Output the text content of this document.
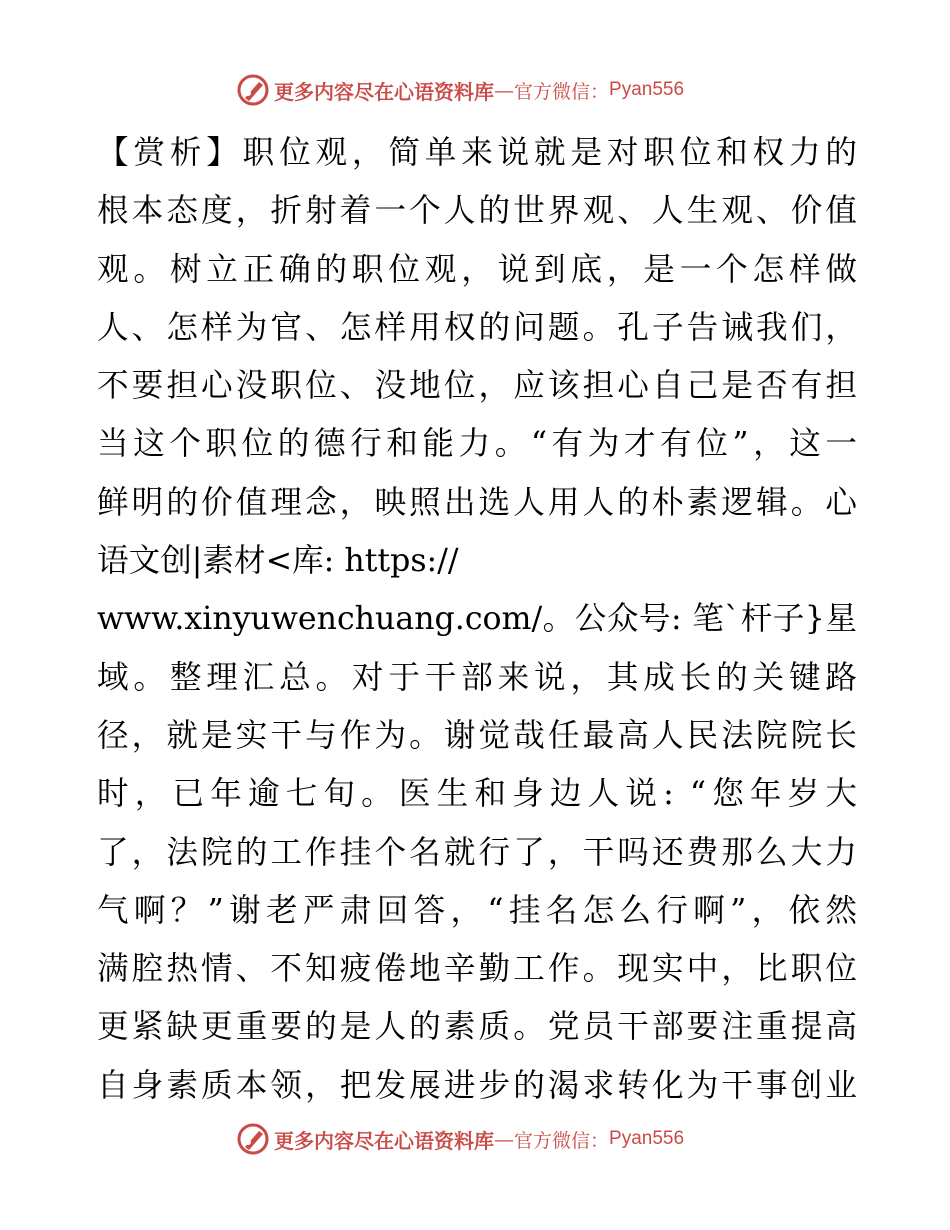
更多内容尽在心语资料库 — 官方微信： Pyan556
【赏析】职位观，简单来说就是对职位和权力的
根本态度，折射着一个人的世界观、人生观、价值
观。树立正确的职位观，说到底，是一个怎样做
人、怎样为官、怎样用权的问题。孔子告诫我们，
不要担心没职位、没地位，应该担心自己是否有担
当这个职位的德行和能力。“有为才有位”，这一
鲜明的价值理念，映照出选人用人的朴素逻辑。心
语文创|素材<库: https://
www.xinyuwenchuang.com/。公众号: 笔`杆子}星
域。整理汇总。对于干部来说，其成长的关键路
径，就是实干与作为。谢觉哉任最高人民法院院长
时，已年逾七旬。医生和身边人说: “您年岁大
了，法院的工作挂个名就行了，干吗还费那么大力
气啊？”谢老严肃回答，“挂名怎么行啊”，依然
满腔热情、不知疲倦地辛勤工作。现实中，比职位
更紧缺更重要的是人的素质。党员干部要注重提高
自身素质本领，把发展进步的渴求转化为干事创业
更多内容尽在心语资料库 — 官方微信： Pyan556
